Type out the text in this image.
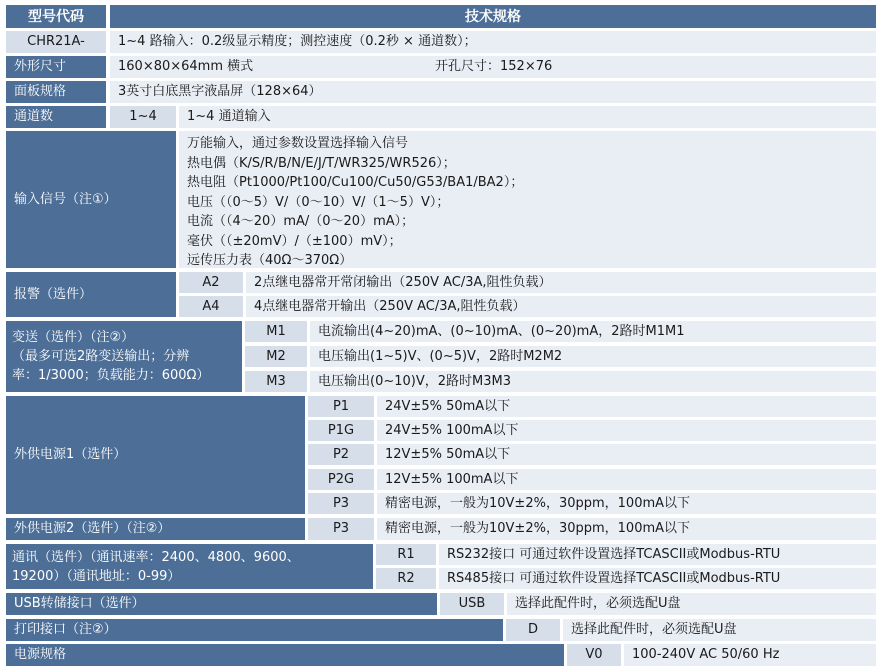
型号代码	技术规格
CHR21A-	1~4 路输入：0.2级显示精度；测控速度（0.2秒 × 通道数）；
外形尺寸	160×80×64mm 横式	开孔尺寸：152×76
面板规格	3英寸白底黑字液晶屏（128×64）
通道数	1~4	1~4 通道输入
输入信号（注①）
万能输入，通过参数设置选择输入信号
热电偶（K/S/R/B/N/E/J/T/WR325/WR526）；
热电阻（Pt1000/Pt100/Cu100/Cu50/G53/BA1/BA2）；
电压（（0～5）V/（0～10）V/（1～5）V）；
电流（（4～20）mA/（0～20）mA）；
毫伏（（±20mV）/（±100）mV）；
远传压力表（40Ω～370Ω）
报警（选件）
A2	2点继电器常开常闭输出（250V AC/3A,阻性负载）
A4	4点继电器常开输出（250V AC/3A,阻性负载）
变送（选件）（注②）
（最多可选2路变送输出；分辨
率：1/3000；负载能力：600Ω）
M1	电流输出(4~20)mA、(0~10)mA、(0~20)mA，2路时M1M1
M2	电压输出(1~5)V、(0~5)V，2路时M2M2
M3	电压输出(0~10)V，2路时M3M3
外供电源1（选件）
P1	24V±5% 50mA以下
P1G	24V±5% 100mA以下
P2	12V±5% 50mA以下
P2G	12V±5% 100mA以下
P3	精密电源，一般为10V±2%，30ppm，100mA以下
外供电源2（选件）（注②）	P3	精密电源，一般为10V±2%，30ppm，100mA以下
通讯（选件）（通讯速率：2400、4800、9600、
19200）（通讯地址：0-99）
R1	RS232接口 可通过软件设置选择TCASCII或Modbus-RTU
R2	RS485接口 可通过软件设置选择TCASCII或Modbus-RTU
USB转储接口（选件）	USB	选择此配件时，必须选配U盘
打印接口（注②）	D	选择此配件时，必须选配U盘
电源规格	V0	100-240V AC 50/60 Hz
